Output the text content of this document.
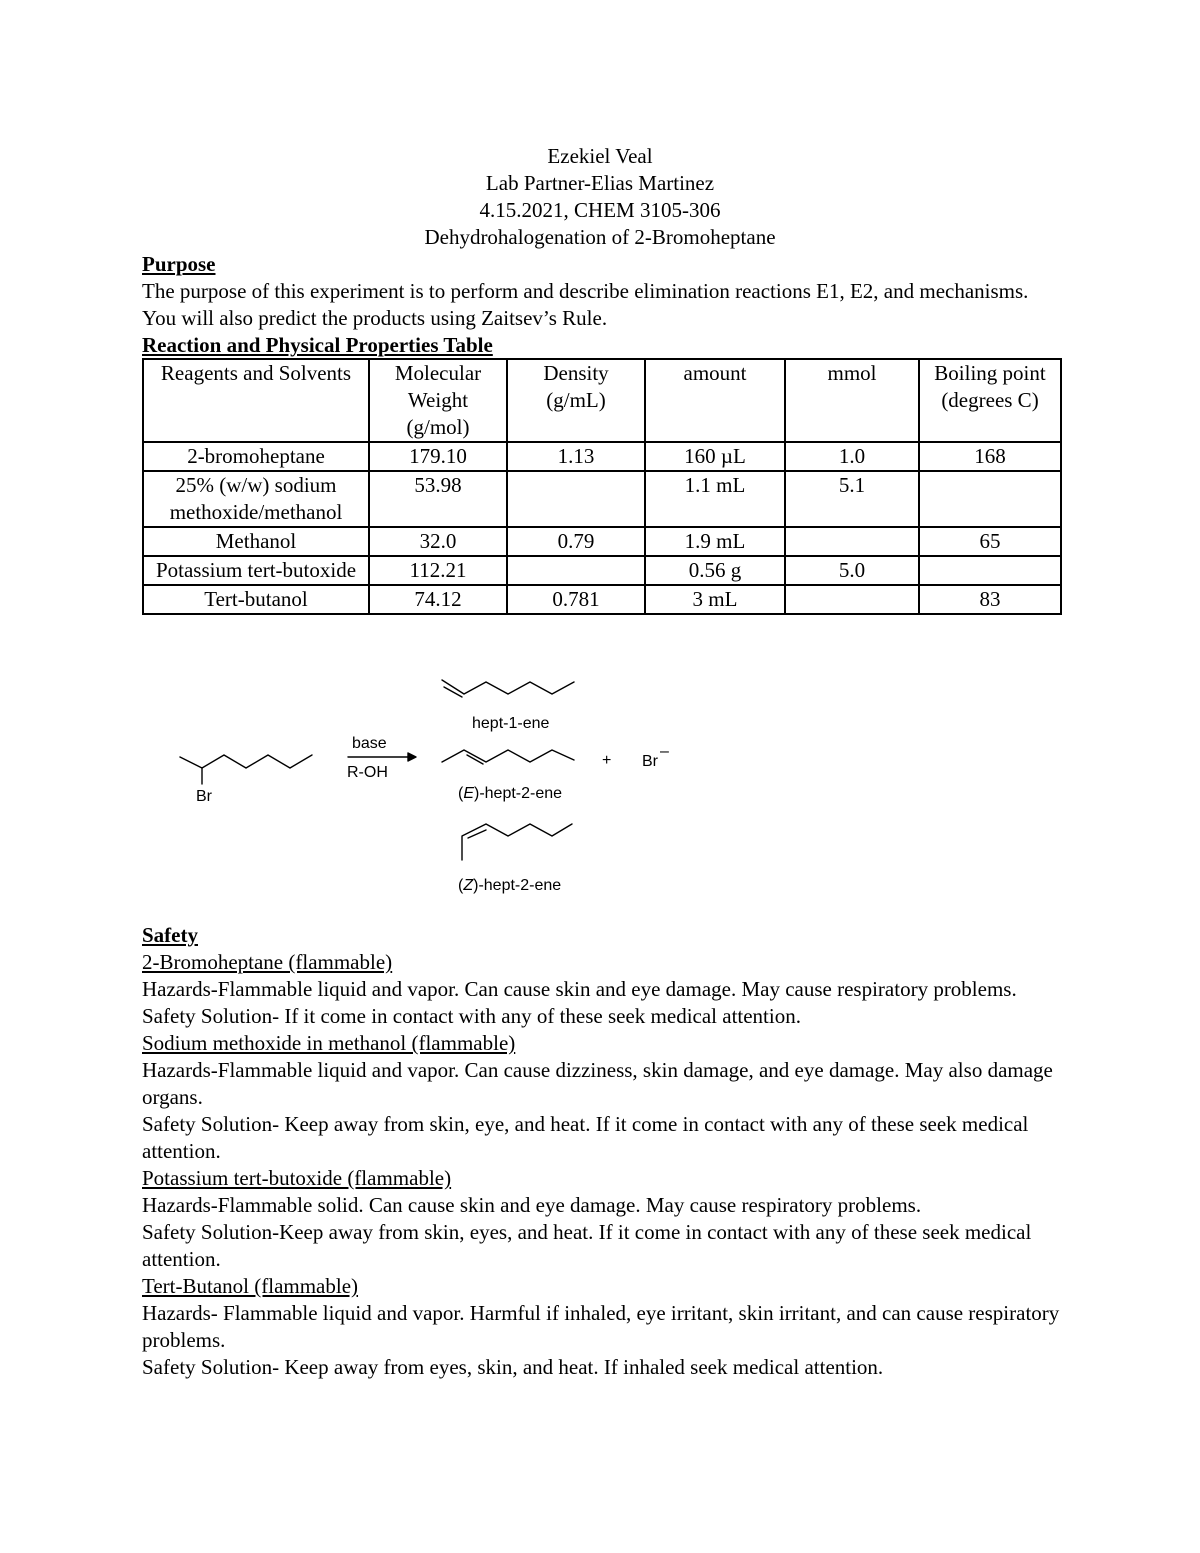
Ezekiel Veal
Lab Partner-Elias Martinez
4.15.2021, CHEM 3105-306
Dehydrohalogenation of 2-Bromoheptane
Purpose
The purpose of this experiment is to perform and describe elimination reactions E1, E2, and mechanisms. You will also predict the products using Zaitsev’s Rule.
Reaction and Physical Properties Table
Reagents and Solvents	Molecular Weight (g/mol)	Density (g/mL)	amount	mmol	Boiling point (degrees C)
2-bromoheptane	179.10	1.13	160 µL	1.0	168
25% (w/w) sodium methoxide/methanol	53.98		1.1 mL	5.1	
Methanol	32.0	0.79	1.9 mL		65
Potassium tert-butoxide	112.21		0.56 g	5.0	
Tert-butanol	74.12	0.781	3 mL		83
Br
base
R-OH
hept-1-ene
(E)-hept-2-ene
(Z)-hept-2-ene
+ Br
–
Safety
2-Bromoheptane (flammable)
Hazards-Flammable liquid and vapor. Can cause skin and eye damage. May cause respiratory problems.
Safety Solution- If it come in contact with any of these seek medical attention.
Sodium methoxide in methanol (flammable)
Hazards-Flammable liquid and vapor. Can cause dizziness, skin damage, and eye damage. May also damage organs.
Safety Solution- Keep away from skin, eye, and heat. If it come in contact with any of these seek medical attention.
Potassium tert-butoxide (flammable)
Hazards-Flammable solid. Can cause skin and eye damage. May cause respiratory problems.
Safety Solution-Keep away from skin, eyes, and heat. If it come in contact with any of these seek medical attention.
Tert-Butanol (flammable)
Hazards- Flammable liquid and vapor. Harmful if inhaled, eye irritant, skin irritant, and can cause respiratory problems.
Safety Solution- Keep away from eyes, skin, and heat. If inhaled seek medical attention.
